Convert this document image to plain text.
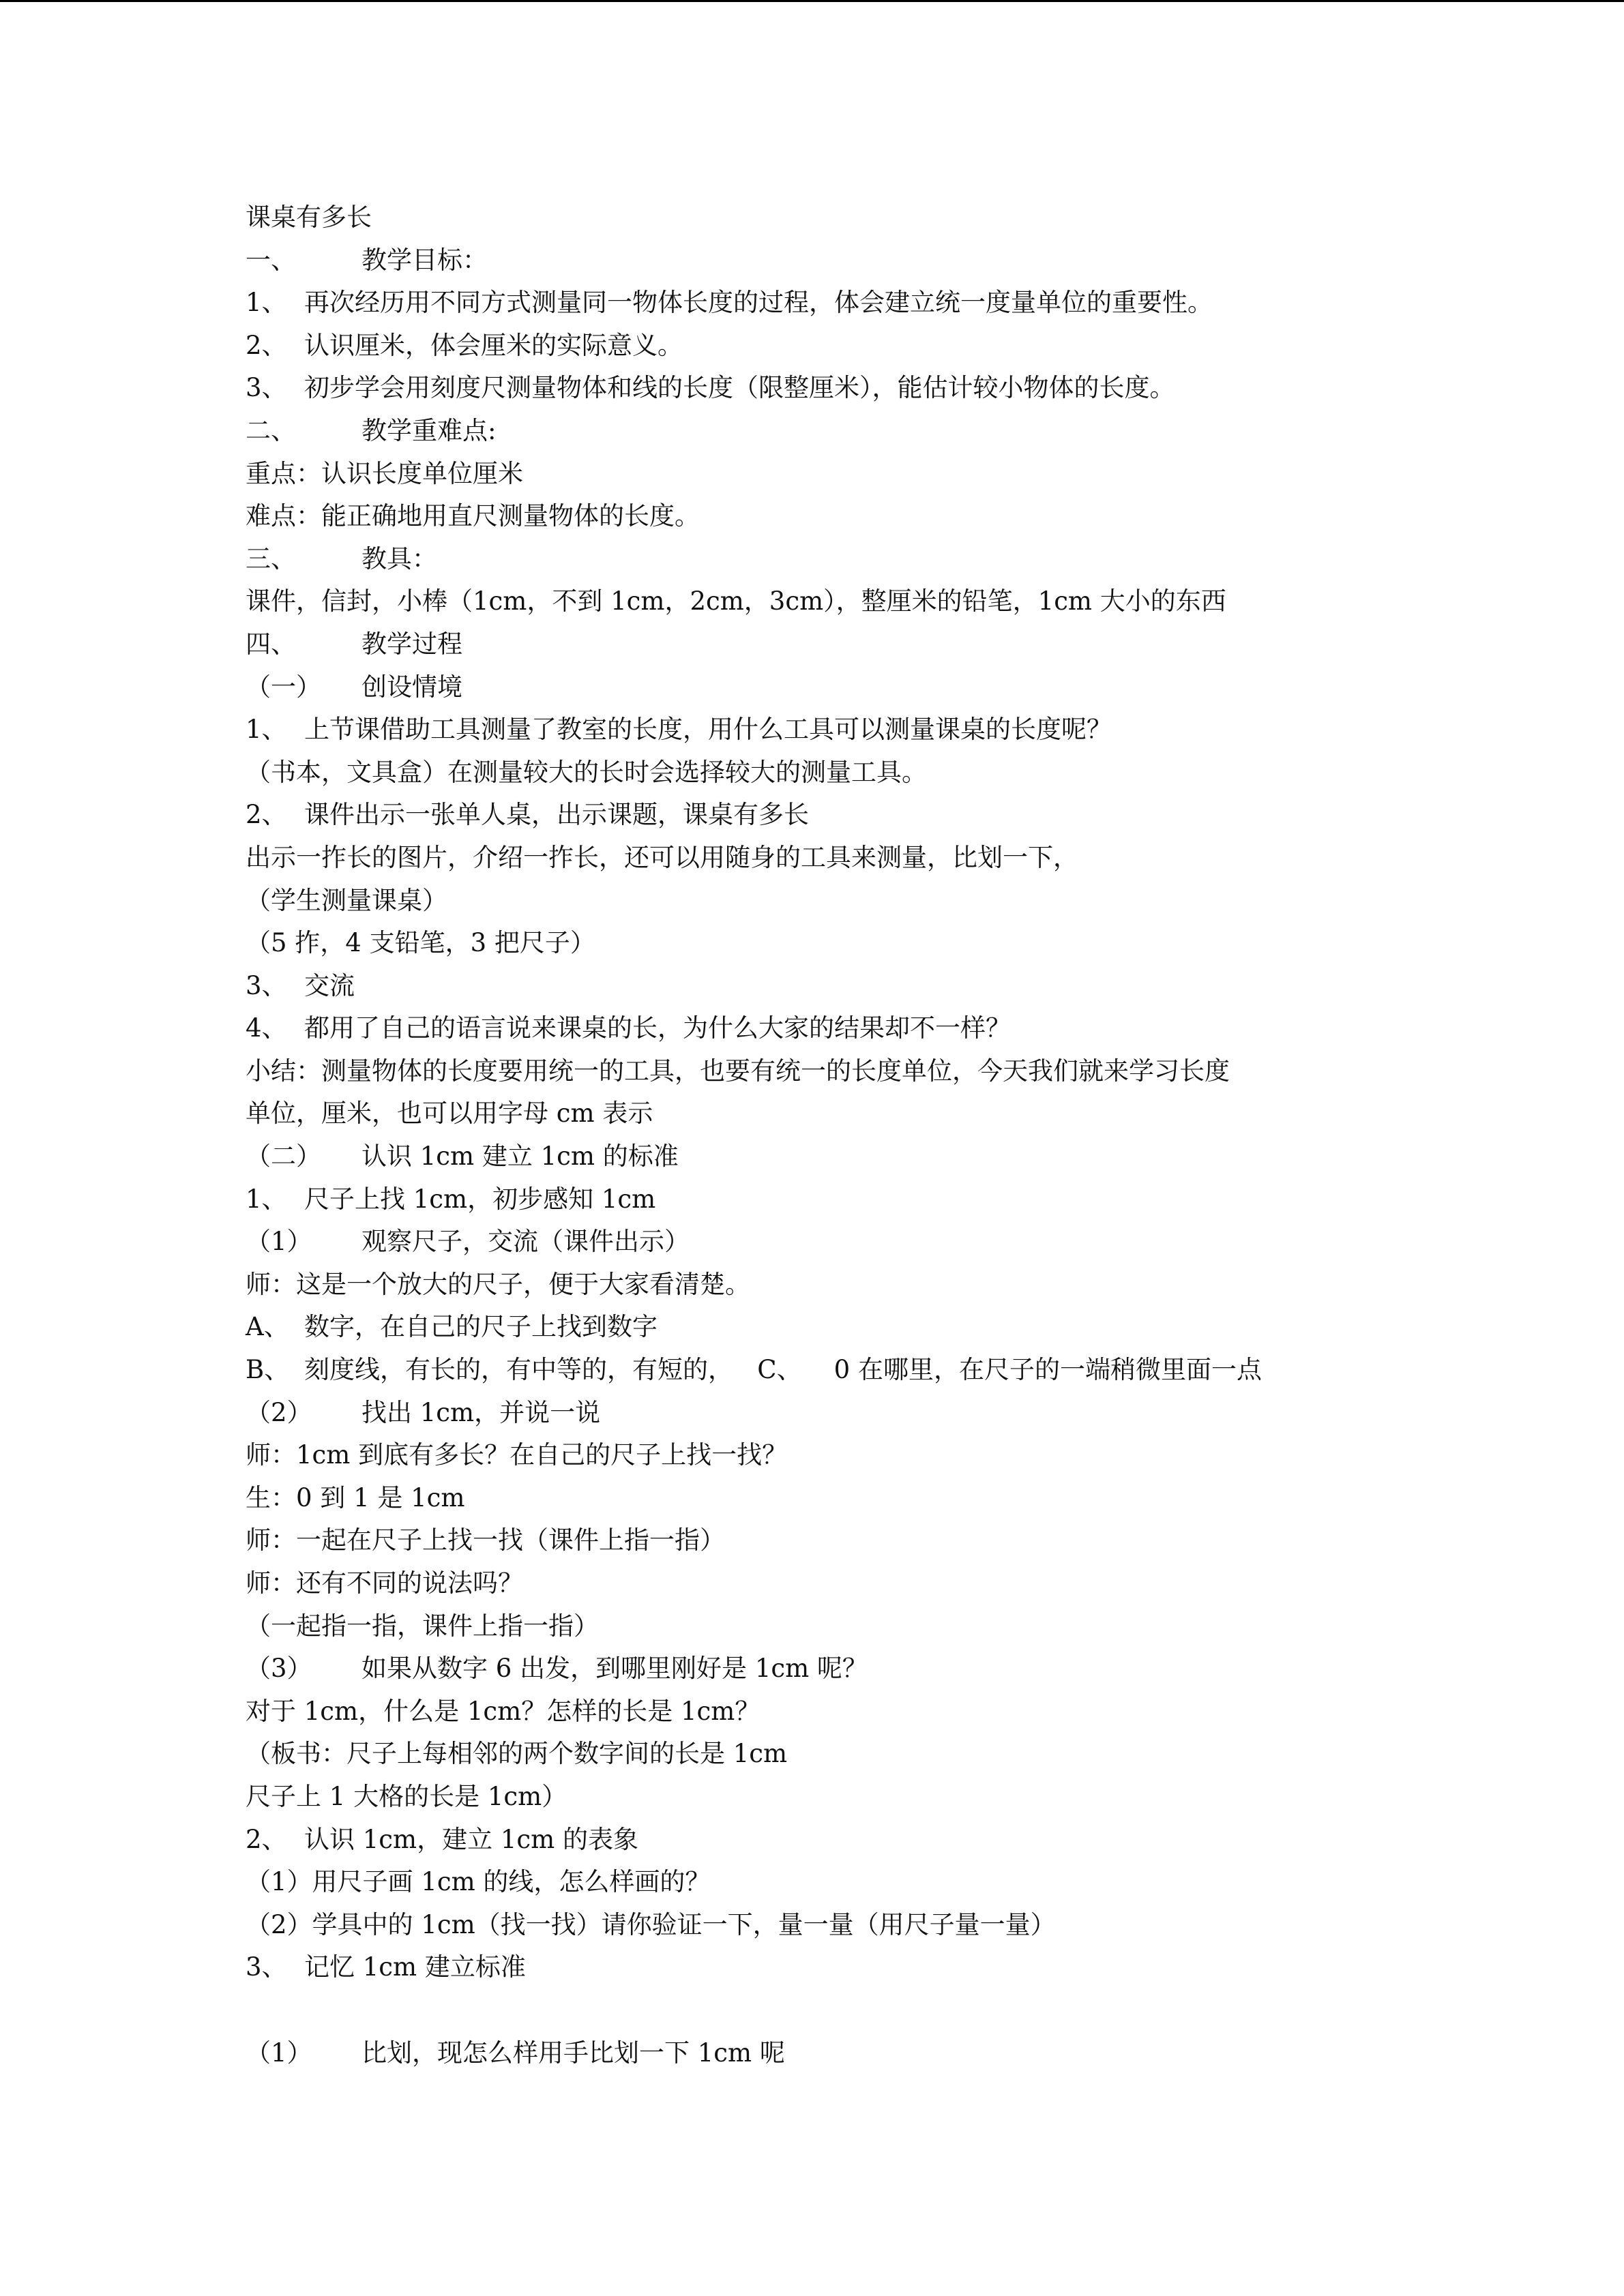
课桌有多长
一、	教学目标：
1、 再次经历用不同方式测量同一物体长度的过程，体会建立统一度量单位的重要性。
2、 认识厘米，体会厘米的实际意义。
3、 初步学会用刻度尺测量物体和线的长度（限整厘米），能估计较小物体的长度。
二、	教学重难点:
重点：认识长度单位厘米
难点：能正确地用直尺测量物体的长度。
三、	教具：
课件，信封，小棒（1cm，不到 1cm，2cm，3cm），整厘米的铅笔，1cm 大小的东西
四、	教学过程
（一） 创设情境
1、 上节课借助工具测量了教室的长度，用什么工具可以测量课桌的长度呢？
（书本，文具盒）在测量较大的长时会选择较大的测量工具。
2、 课件出示一张单人桌，出示课题，课桌有多长
出示一拃长的图片，介绍一拃长，还可以用随身的工具来测量，比划一下，
（学生测量课桌）
（5 拃，4 支铅笔，3 把尺子）
3、 交流
4、 都用了自己的语言说来课桌的长，为什么大家的结果却不一样？
小结：测量物体的长度要用统一的工具，也要有统一的长度单位，今天我们就来学习长度
单位，厘米，也可以用字母 cm 表示
（二） 认识 1cm 建立 1cm 的标准
1、 尺子上找 1cm，初步感知 1cm
（1） 观察尺子，交流（课件出示）
师：这是一个放大的尺子，便于大家看清楚。
A、 数字，在自己的尺子上找到数字
B、 刻度线，有长的，有中等的，有短的，   C、    0 在哪里，在尺子的一端稍微里面一点
（2） 找出 1cm，并说一说
师：1cm 到底有多长？在自己的尺子上找一找？
生：0 到 1 是 1cm
师：一起在尺子上找一找（课件上指一指）
师：还有不同的说法吗？
（一起指一指，课件上指一指）
（3） 如果从数字 6 出发，到哪里刚好是 1cm 呢？
对于 1cm，什么是 1cm？怎样的长是 1cm？
（板书：尺子上每相邻的两个数字间的长是 1cm
尺子上 1 大格的长是 1cm）
2、 认识 1cm，建立 1cm 的表象
（1）用尺子画 1cm 的线，怎么样画的？
（2）学具中的 1cm（找一找）请你验证一下，量一量（用尺子量一量）
3、 记忆 1cm 建立标准
（1） 比划，现怎么样用手比划一下 1cm 呢
